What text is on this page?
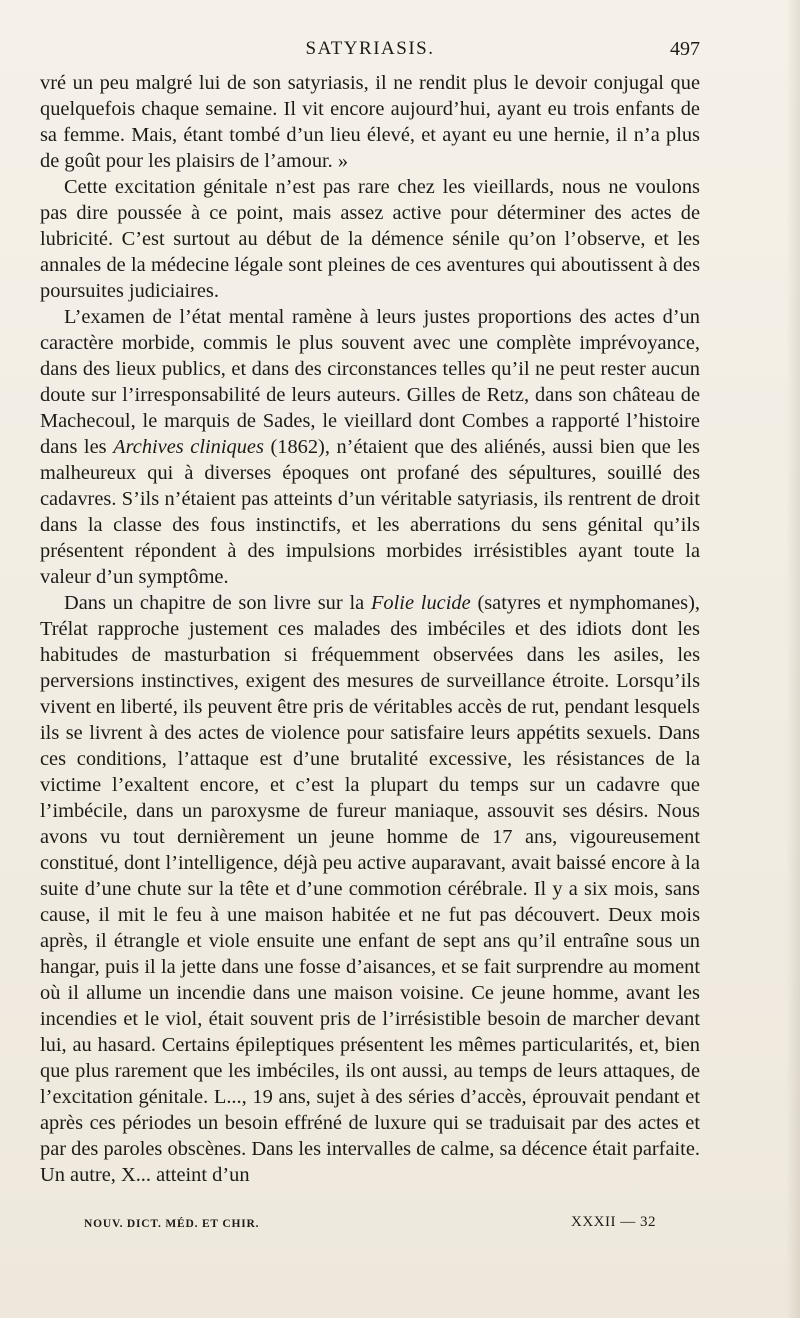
SATYRIASIS.	497

vré un peu malgré lui de son satyriasis, il ne rendit plus le devoir conjugal que quelquefois chaque semaine. Il vit encore aujourd’hui, ayant eu trois enfants de sa femme. Mais, étant tombé d’un lieu élevé, et ayant eu une hernie, il n’a plus de goût pour les plaisirs de l’amour. »

Cette excitation génitale n’est pas rare chez les vieillards, nous ne voulons pas dire poussée à ce point, mais assez active pour déterminer des actes de lubricité. C’est surtout au début de la démence sénile qu’on l’observe, et les annales de la médecine légale sont pleines de ces aventures qui aboutissent à des poursuites judiciaires.

L’examen de l’état mental ramène à leurs justes proportions des actes d’un caractère morbide, commis le plus souvent avec une complète imprévoyance, dans des lieux publics, et dans des circonstances telles qu’il ne peut rester aucun doute sur l’irresponsabilité de leurs auteurs. Gilles de Retz, dans son château de Machecoul, le marquis de Sades, le vieillard dont Combes a rapporté l’histoire dans les Archives cliniques (1862), n’étaient que des aliénés, aussi bien que les malheureux qui à diverses époques ont profané des sépultures, souillé des cadavres. S’ils n’étaient pas atteints d’un véritable satyriasis, ils rentrent de droit dans la classe des fous instinctifs, et les aberrations du sens génital qu’ils présentent répondent à des impulsions morbides irrésistibles ayant toute la valeur d’un symptôme.

Dans un chapitre de son livre sur la Folie lucide (satyres et nymphomanes), Trélat rapproche justement ces malades des imbéciles et des idiots dont les habitudes de masturbation si fréquemment observées dans les asiles, les perversions instinctives, exigent des mesures de surveillance étroite. Lorsqu’ils vivent en liberté, ils peuvent être pris de véritables accès de rut, pendant lesquels ils se livrent à des actes de violence pour satisfaire leurs appétits sexuels. Dans ces conditions, l’attaque est d’une brutalité excessive, les résistances de la victime l’exaltent encore, et c’est la plupart du temps sur un cadavre que l’imbécile, dans un paroxysme de fureur maniaque, assouvit ses désirs. Nous avons vu tout dernièrement un jeune homme de 17 ans, vigoureusement constitué, dont l’intelligence, déjà peu active auparavant, avait baissé encore à la suite d’une chute sur la tête et d’une commotion cérébrale. Il y a six mois, sans cause, il mit le feu à une maison habitée et ne fut pas découvert. Deux mois après, il étrangle et viole ensuite une enfant de sept ans qu’il entraîne sous un hangar, puis il la jette dans une fosse d’aisances, et se fait surprendre au moment où il allume un incendie dans une maison voisine. Ce jeune homme, avant les incendies et le viol, était souvent pris de l’irrésistible besoin de marcher devant lui, au hasard. Certains épileptiques présentent les mêmes particularités, et, bien que plus rarement que les imbéciles, ils ont aussi, au temps de leurs attaques, de l’excitation génitale. L..., 19 ans, sujet à des séries d’accès, éprouvait pendant et après ces périodes un besoin effréné de luxure qui se traduisait par des actes et par des paroles obscènes. Dans les intervalles de calme, sa décence était parfaite. Un autre, X... atteint d’un

NOUV. DICT. MÉD. ET CHIR.	XXXII — 32
